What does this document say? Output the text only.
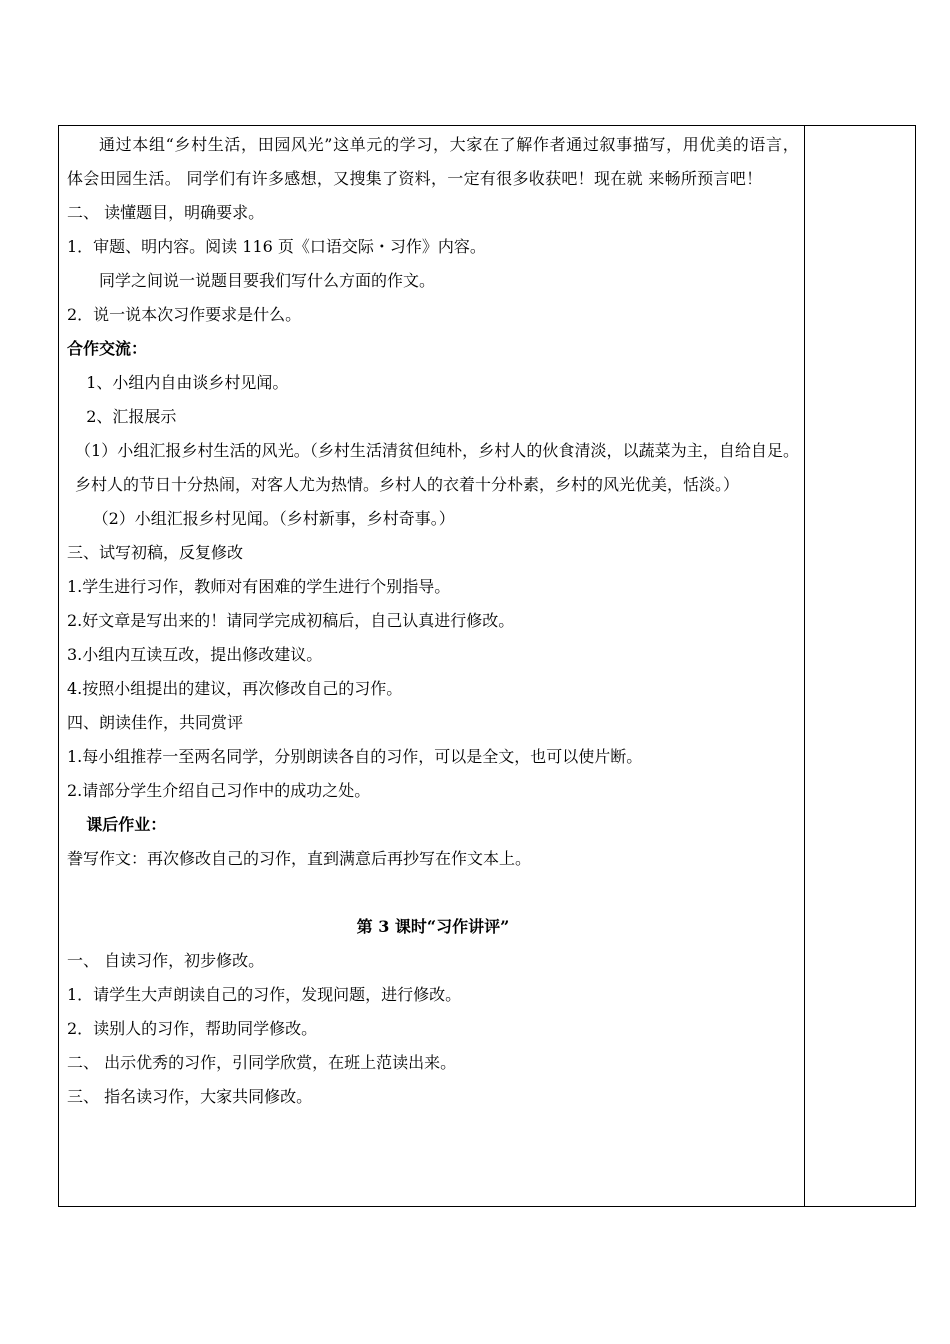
通过本组“乡村生活，田园风光”这单元的学习，大家在了解作者通过叙事描写，用优美的语言，体会田园生活。 同学们有许多感想，又搜集了资料，一定有很多收获吧！现在就 来畅所预言吧！

二、 读懂题目，明确要求。

1．审题、明内容。阅读 116 页《口语交际・习作》内容。

同学之间说一说题目要我们写什么方面的作文。

2．说一说本次习作要求是什么。

合作交流：

1、小组内自由谈乡村见闻。

2、汇报展示

（1）小组汇报乡村生活的风光。（乡村生活清贫但纯朴，乡村人的伙食清淡，以蔬菜为主，自给自足。乡村人的节日十分热闹，对客人尤为热情。乡村人的衣着十分朴素，乡村的风光优美，恬淡。）

（2）小组汇报乡村见闻。（乡村新事，乡村奇事。）

三、试写初稿，反复修改

1.学生进行习作，教师对有困难的学生进行个别指导。

2.好文章是写出来的！请同学完成初稿后，自己认真进行修改。

3.小组内互读互改，提出修改建议。

4.按照小组提出的建议，再次修改自己的习作。

四、朗读佳作，共同赏评

1.每小组推荐一至两名同学，分别朗读各自的习作，可以是全文，也可以使片断。

2.请部分学生介绍自己习作中的成功之处。

课后作业：

誊写作文：再次修改自己的习作，直到满意后再抄写在作文本上。

第 3 课时“习作讲评”

一、 自读习作，初步修改。

1．请学生大声朗读自己的习作，发现问题，进行修改。

2．读别人的习作，帮助同学修改。

二、 出示优秀的习作，引同学欣赏，在班上范读出来。

三、 指名读习作，大家共同修改。
